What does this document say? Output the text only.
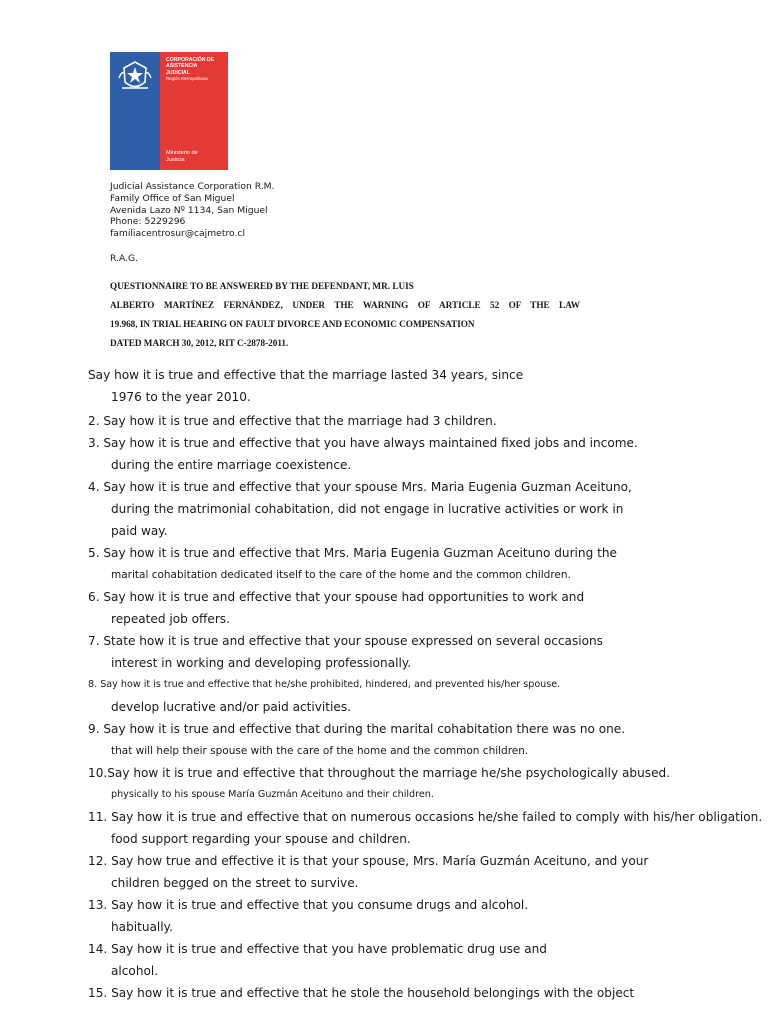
CORPORACIÓN DE
ASISTENCIA
JUDICIAL
Región Metropolitana
Ministerio de
Justicia
Judicial Assistance Corporation R.M.
Family Office of San Miguel
Avenida Lazo Nº 1134, San Miguel
Phone: 5229296
familiacentrosur@cajmetro.cl
R.A.G.
QUESTIONNAIRE TO BE ANSWERED BY THE DEFENDANT, MR. LUIS
ALBERTO MARTÍNEZ FERNÁNDEZ, UNDER THE WARNING OF ARTICLE 52 OF THE LAW
19.968, IN TRIAL HEARING ON FAULT DIVORCE AND ECONOMIC COMPENSATION
DATED MARCH 30, 2012, RIT C-2878-2011.
Say how it is true and effective that the marriage lasted 34 years, since
1976 to the year 2010.
2. Say how it is true and effective that the marriage had 3 children.
3. Say how it is true and effective that you have always maintained fixed jobs and income.
during the entire marriage coexistence.
4. Say how it is true and effective that your spouse Mrs. Maria Eugenia Guzman Aceituno,
during the matrimonial cohabitation, did not engage in lucrative activities or work in
paid way.
5. Say how it is true and effective that Mrs. Maria Eugenia Guzman Aceituno during the
marital cohabitation dedicated itself to the care of the home and the common children.
6. Say how it is true and effective that your spouse had opportunities to work and
repeated job offers.
7. State how it is true and effective that your spouse expressed on several occasions
interest in working and developing professionally.
8. Say how it is true and effective that he/she prohibited, hindered, and prevented his/her spouse.
develop lucrative and/or paid activities.
9. Say how it is true and effective that during the marital cohabitation there was no one.
that will help their spouse with the care of the home and the common children.
10.Say how it is true and effective that throughout the marriage he/she psychologically abused.
physically to his spouse María Guzmán Aceituno and their children.
11. Say how it is true and effective that on numerous occasions he/she failed to comply with his/her obligation.
food support regarding your spouse and children.
12. Say how true and effective it is that your spouse, Mrs. María Guzmán Aceituno, and your
children begged on the street to survive.
13. Say how it is true and effective that you consume drugs and alcohol.
habitually.
14. Say how it is true and effective that you have problematic drug use and
alcohol.
15. Say how it is true and effective that he stole the household belongings with the object
